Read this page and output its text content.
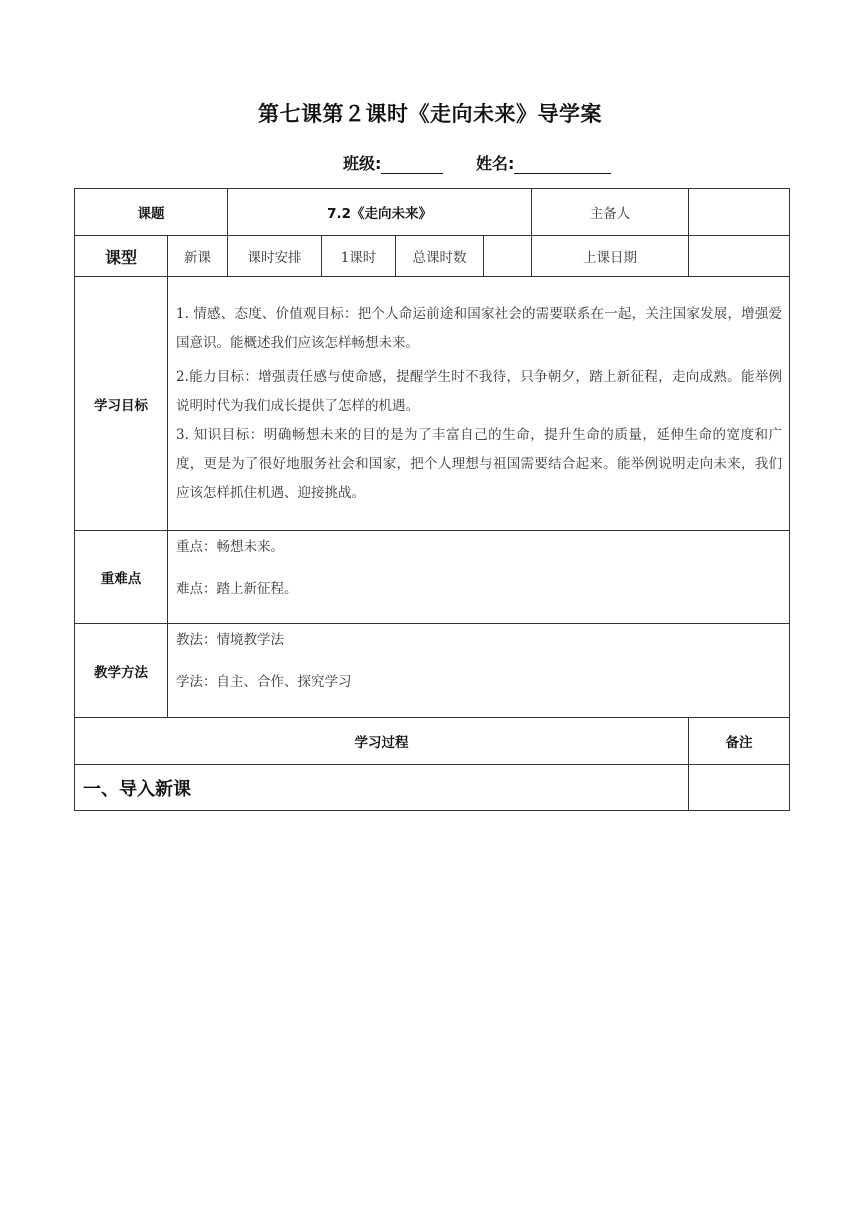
第七课第２课时《走向未来》导学案
班级:	姓名:
课题		7.2《走向未来》				主备人	
课型	新课	课时安排	1课时	总课时数		上课日期	
学习目标	1. 情感、态度、价值观目标：把个人命运前途和国家社会的需要联系在一起，关注国家发展，增强爱国意识。能概述我们应该怎样畅想未来。

2.能力目标：增强责任感与使命感，提醒学生时不我待，只争朝夕，踏上新征程，走向成熟。能举例说明时代为我们成长提供了怎样的机遇。

3. 知识目标：明确畅想未来的目的是为了丰富自己的生命，提升生命的质量，延伸生命的宽度和广度，更是为了很好地服务社会和国家，把个人理想与祖国需要结合起来。能举例说明走向未来，我们应该怎样抓住机遇、迎接挑战。						

重难点	重点：畅想未来。

难点：踏上新征程。						

教学方法	教法：情境教学法

学法：自主、合作、探究学习						

学习过程							备注
一、导入新课							
